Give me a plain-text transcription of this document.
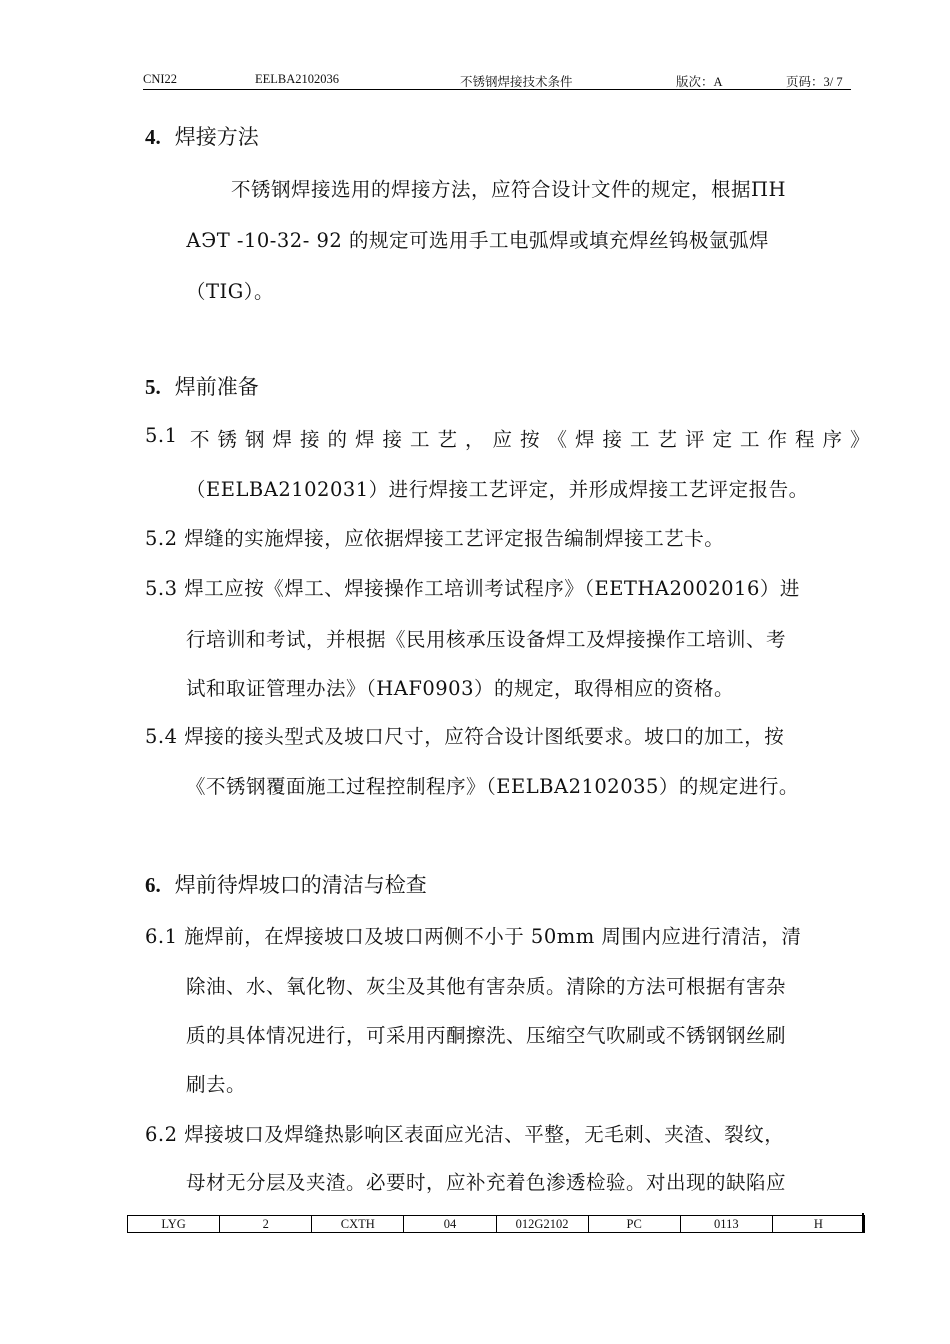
CNI22	EELBA2102036	不锈钢焊接技术条件	版次：A	页码：3/ 7
4. 焊接方法
不锈钢焊接选用的焊接方法，应符合设计文件的规定，根据ПН
АЭТ -10-32- 92 的规定可选用手工电弧焊或填充焊丝钨极氩弧焊
（TIG）。
5. 焊前准备
5.1 不锈钢焊接的焊接工艺，应按《焊接工艺评定工作程序》
（EELBA2102031）进行焊接工艺评定，并形成焊接工艺评定报告。
5.2 焊缝的实施焊接，应依据焊接工艺评定报告编制焊接工艺卡。
5.3 焊工应按《焊工、焊接操作工培训考试程序》（EETHA2002016）进
行培训和考试，并根据《民用核承压设备焊工及焊接操作工培训、考
试和取证管理办法》（HAF0903）的规定，取得相应的资格。
5.4 焊接的接头型式及坡口尺寸，应符合设计图纸要求。坡口的加工，按
《不锈钢覆面施工过程控制程序》（EELBA2102035）的规定进行。
6. 焊前待焊坡口的清洁与检查
6.1 施焊前，在焊接坡口及坡口两侧不小于 50mm 周围内应进行清洁，清
除油、水、氧化物、灰尘及其他有害杂质。清除的方法可根据有害杂
质的具体情况进行，可采用丙酮擦洗、压缩空气吹刷或不锈钢钢丝刷
刷去。
6.2 焊接坡口及焊缝热影响区表面应光洁、平整，无毛刺、夹渣、裂纹，
母材无分层及夹渣。必要时，应补充着色渗透检验。对出现的缺陷应
LYG	2	CXTH	04	012G2102	PC	0113	H
